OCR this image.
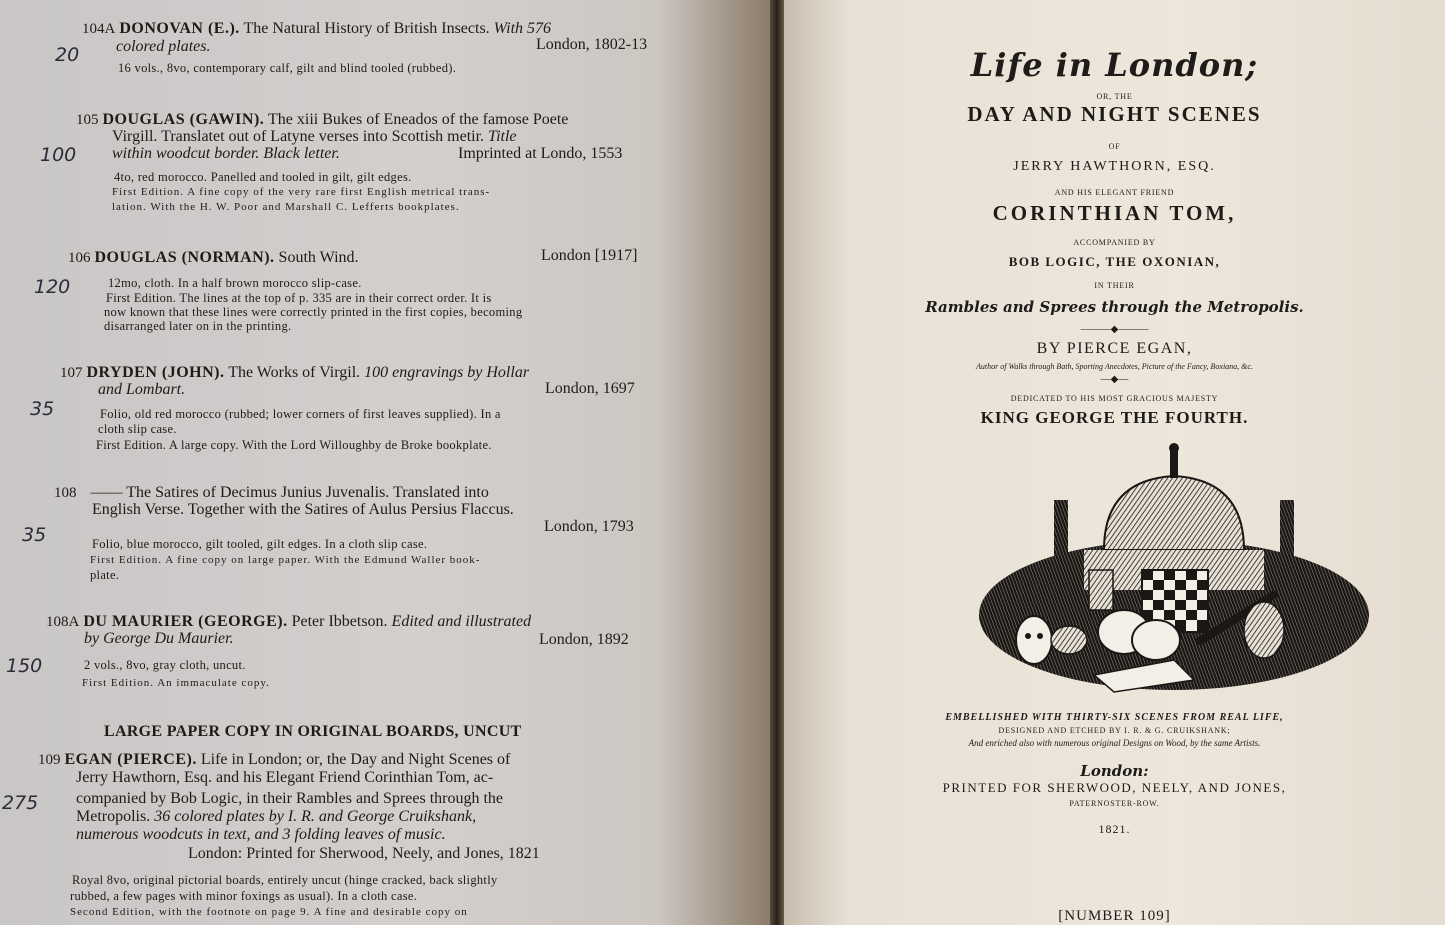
104A DONOVAN (E.). The Natural History of British Insects. With 576
colored plates.	London, 1802-13
16 vols., 8vo, contemporary calf, gilt and blind tooled (rubbed).
20
105 DOUGLAS (GAWIN). The xiii Bukes of Eneados of the famose Poete
Virgill. Translatet out of Latyne verses into Scottish metir. Title
within woodcut border. Black letter.	Imprinted at Londo, 1553
4to, red morocco. Panelled and tooled in gilt, gilt edges.
First Edition. A fine copy of the very rare first English metrical trans-
lation. With the H. W. Poor and Marshall C. Lefferts bookplates.
100
106 DOUGLAS (NORMAN). South Wind.	London [1917]
12mo, cloth. In a half brown morocco slip-case.
First Edition. The lines at the top of p. 335 are in their correct order. It is
now known that these lines were correctly printed in the first copies, becoming
disarranged later on in the printing.
120
107 DRYDEN (JOHN). The Works of Virgil. 100 engravings by Hollar
and Lombart.	London, 1697
Folio, old red morocco (rubbed; lower corners of first leaves supplied). In a
cloth slip case.
First Edition. A large copy. With the Lord Willoughby de Broke bookplate.
35
108 —— The Satires of Decimus Junius Juvenalis. Translated into
English Verse. Together with the Satires of Aulus Persius Flaccus.
London, 1793
Folio, blue morocco, gilt tooled, gilt edges. In a cloth slip case.
First Edition. A fine copy on large paper. With the Edmund Waller book-
plate.
35
108A DU MAURIER (GEORGE). Peter Ibbetson. Edited and illustrated
by George Du Maurier.	London, 1892
2 vols., 8vo, gray cloth, uncut.
First Edition. An immaculate copy.
150
LARGE PAPER COPY IN ORIGINAL BOARDS, UNCUT
109 EGAN (PIERCE). Life in London; or, the Day and Night Scenes of
Jerry Hawthorn, Esq. and his Elegant Friend Corinthian Tom, ac-
companied by Bob Logic, in their Rambles and Sprees through the
Metropolis. 36 colored plates by I. R. and George Cruikshank,
numerous woodcuts in text, and 3 folding leaves of music.
London: Printed for Sherwood, Neely, and Jones, 1821
Royal 8vo, original pictorial boards, entirely uncut (hinge cracked, back slightly
rubbed, a few pages with minor foxings as usual). In a cloth case.
Second Edition, with the footnote on page 9. A fine and desirable copy on
275
Life in London;
OR, THE
DAY AND NIGHT SCENES
OF
JERRY HAWTHORN, ESQ.
AND HIS ELEGANT FRIEND
CORINTHIAN TOM,
ACCOMPANIED BY
BOB LOGIC, THE OXONIAN,
IN THEIR
Rambles and Sprees through the Metropolis.
―――◆―――
BY PIERCE EGAN,
Author of Walks through Bath, Sporting Anecdotes, Picture of the Fancy, Boxiana, &c.
―◆―
DEDICATED TO HIS MOST GRACIOUS MAJESTY
KING GEORGE THE FOURTH.
EMBELLISHED WITH THIRTY-SIX SCENES FROM REAL LIFE,
DESIGNED AND ETCHED BY I. R. & G. CRUIKSHANK;
And enriched also with numerous original Designs on Wood, by the same Artists.
London:
PRINTED FOR SHERWOOD, NEELY, AND JONES,
PATERNOSTER-ROW.
1821.
[NUMBER 109]
